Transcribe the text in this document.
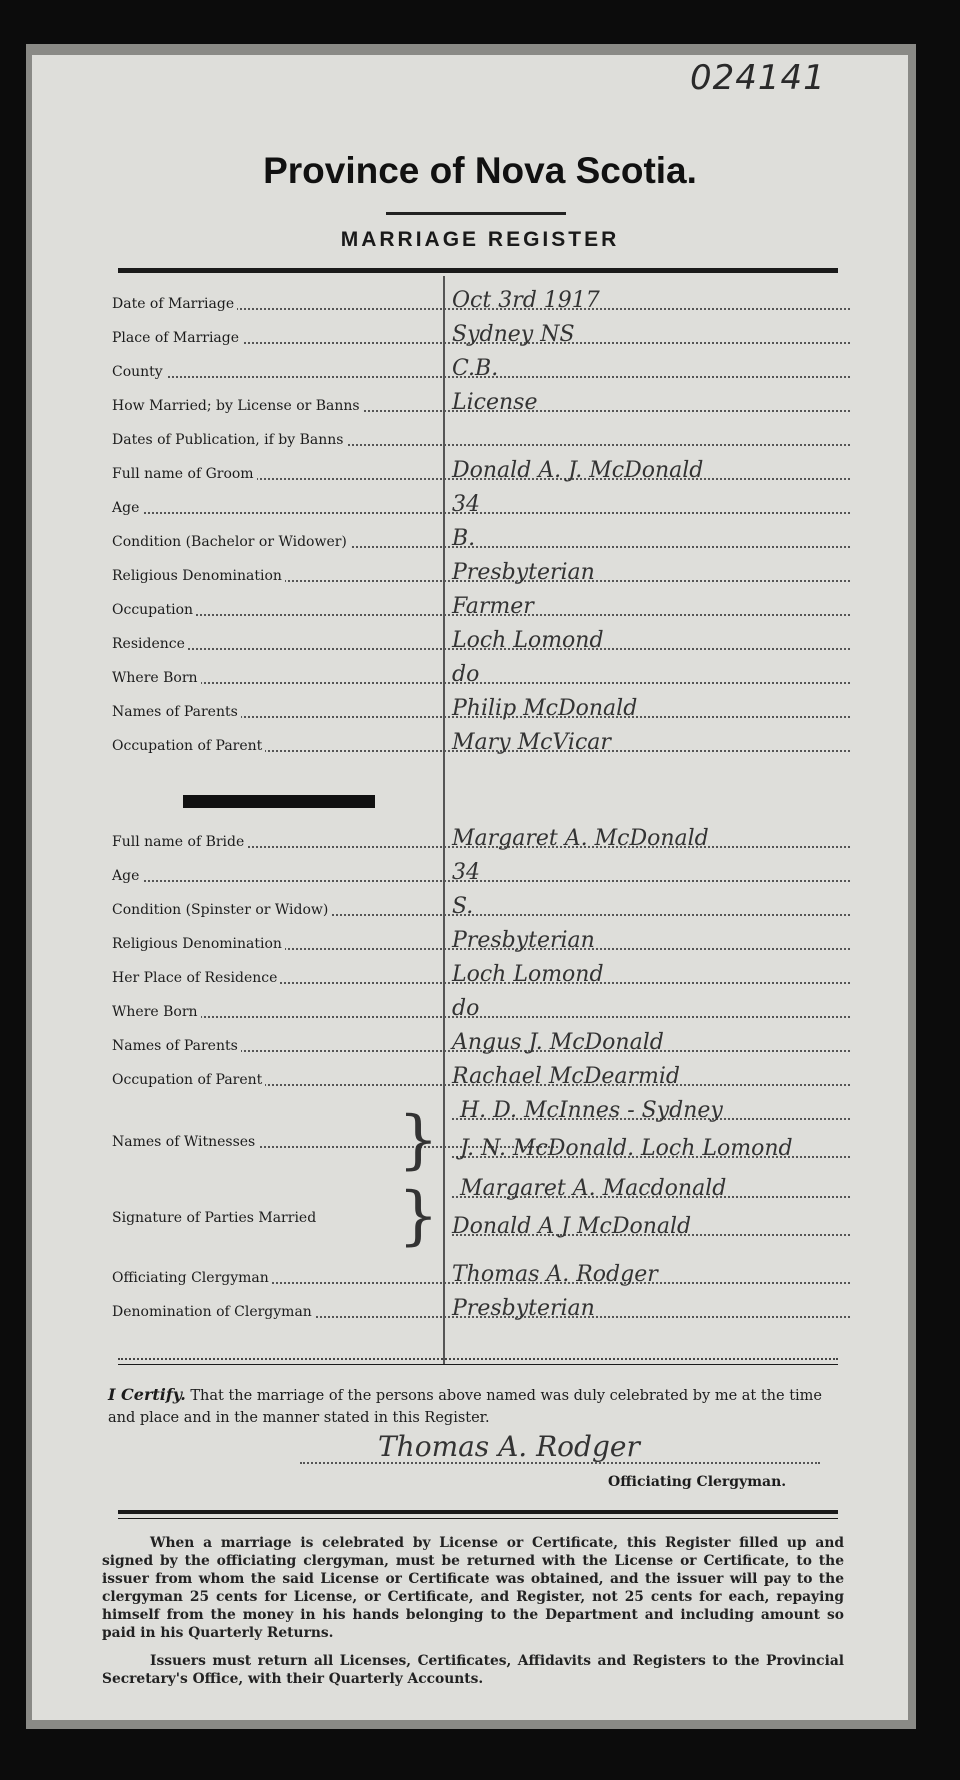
024141
Province of Nova Scotia.
MARRIAGE REGISTER
Date of Marriage	Oct 3rd 1917
Place of Marriage	Sydney NS
County	C.B.
How Married; by License or Banns	License
Dates of Publication, if by Banns
Full name of Groom	Donald A. J. McDonald
Age	34
Condition (Bachelor or Widower)	B.
Religious Denomination	Presbyterian
Occupation	Farmer
Residence	Loch Lomond
Where Born	do
Names of Parents	Philip McDonald
Occupation of Parent	Mary McVicar
Full name of Bride	Margaret A. McDonald
Age	34
Condition (Spinster or Widow)	S.
Religious Denomination	Presbyterian
Her Place of Residence	Loch Lomond
Where Born	do
Names of Parents	Angus J. McDonald
Occupation of Parent	Rachael McDearmid
Names of Witnesses } H. D. McInnes - Sydney
J. N. McDonald. Loch Lomond
Signature of Parties Married } Margaret A. Macdonald
Donald A J McDonald
Officiating Clergyman	Thomas A. Rodger
Denomination of Clergyman	Presbyterian
I Certify. That the marriage of the persons above named was duly celebrated by me at the time and place and in the manner stated in this Register.
Thomas A. Rodger
Officiating Clergyman.

When a marriage is celebrated by License or Certificate, this Register filled up and signed by the officiating clergyman, must be returned with the License or Certificate, to the issuer from whom the said License or Certificate was obtained, and the issuer will pay to the clergyman 25 cents for License, or Certificate, and Register, not 25 cents for each, repaying himself from the money in his hands belonging to the Department and including amount so paid in his Quarterly Returns.

Issuers must return all Licenses, Certificates, Affidavits and Registers to the Provincial Secretary's Office, with their Quarterly Accounts.
